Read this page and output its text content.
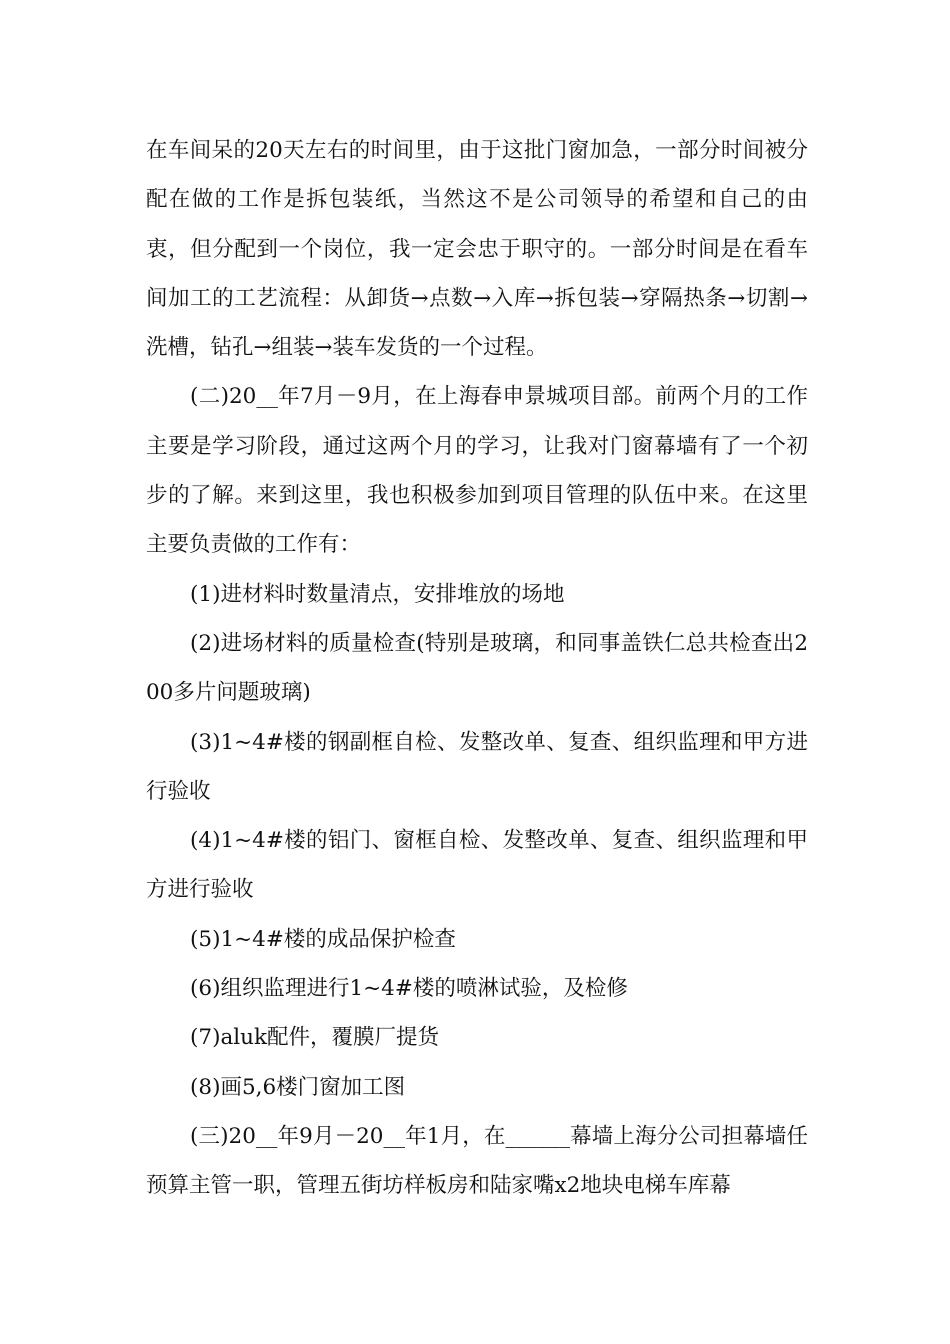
在车间呆的20天左右的时间里，由于这批门窗加急，一部分时间被分配在做的工作是拆包装纸，当然这不是公司领导的希望和自己的由衷，但分配到一个岗位，我一定会忠于职守的。一部分时间是在看车间加工的工艺流程：从卸货→点数→入库→拆包装→穿隔热条→切割→洗槽，钻孔→组装→装车发货的一个过程。

(二)20__年7月－9月，在上海春申景城项目部。前两个月的工作主要是学习阶段，通过这两个月的学习，让我对门窗幕墙有了一个初步的了解。来到这里，我也积极参加到项目管理的队伍中来。在这里主要负责做的工作有：

(1)进材料时数量清点，安排堆放的场地

(2)进场材料的质量检查(特别是玻璃，和同事盖铁仁总共检查出200多片问题玻璃)

(3)1~4#楼的钢副框自检、发整改单、复查、组织监理和甲方进行验收

(4)1~4#楼的铝门、窗框自检、发整改单、复查、组织监理和甲方进行验收

(5)1~4#楼的成品保护检查

(6)组织监理进行1~4#楼的喷淋试验，及检修

(7)aluk配件，覆膜厂提货

(8)画5,6楼门窗加工图

(三)20__年9月－20__年1月，在______幕墙上海分公司担幕墙任预算主管一职，管理五街坊样板房和陆家嘴x2地块电梯车库幕
